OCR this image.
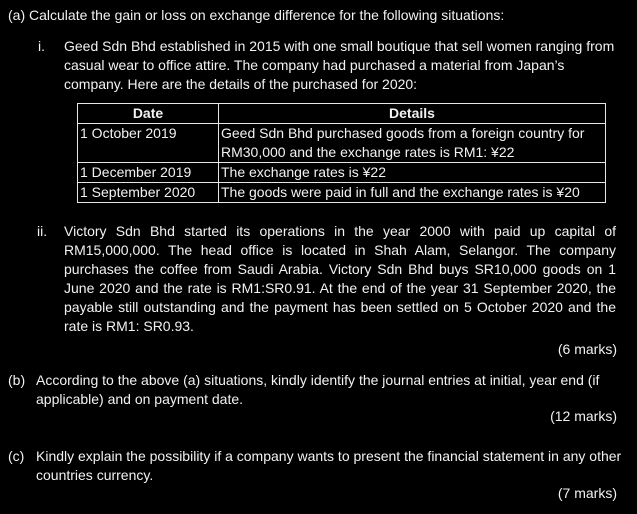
(a) Calculate the gain or loss on exchange difference for the following situations:
i. Geed Sdn Bhd established in 2015 with one small boutique that sell women ranging from casual wear to office attire. The company had purchased a material from Japan’s company. Here are the details of the purchased for 2020:
Date	Details
1 October 2019	Geed Sdn Bhd purchased goods from a foreign country for RM30,000 and the exchange rates is RM1: ¥22
1 December 2019	The exchange rates is ¥22
1 September 2020	The goods were paid in full and the exchange rates is ¥20
ii. Victory Sdn Bhd started its operations in the year 2000 with paid up capital of RM15,000,000. The head office is located in Shah Alam, Selangor. The company purchases the coffee from Saudi Arabia. Victory Sdn Bhd buys SR10,000 goods on 1 June 2020 and the rate is RM1:SR0.91. At the end of the year 31 September 2020, the payable still outstanding and the payment has been settled on 5 October 2020 and the rate is RM1: SR0.93.
(6 marks)
(b) According to the above (a) situations, kindly identify the journal entries at initial, year end (if applicable) and on payment date.
(12 marks)
(c) Kindly explain the possibility if a company wants to present the financial statement in any other countries currency.
(7 marks)
